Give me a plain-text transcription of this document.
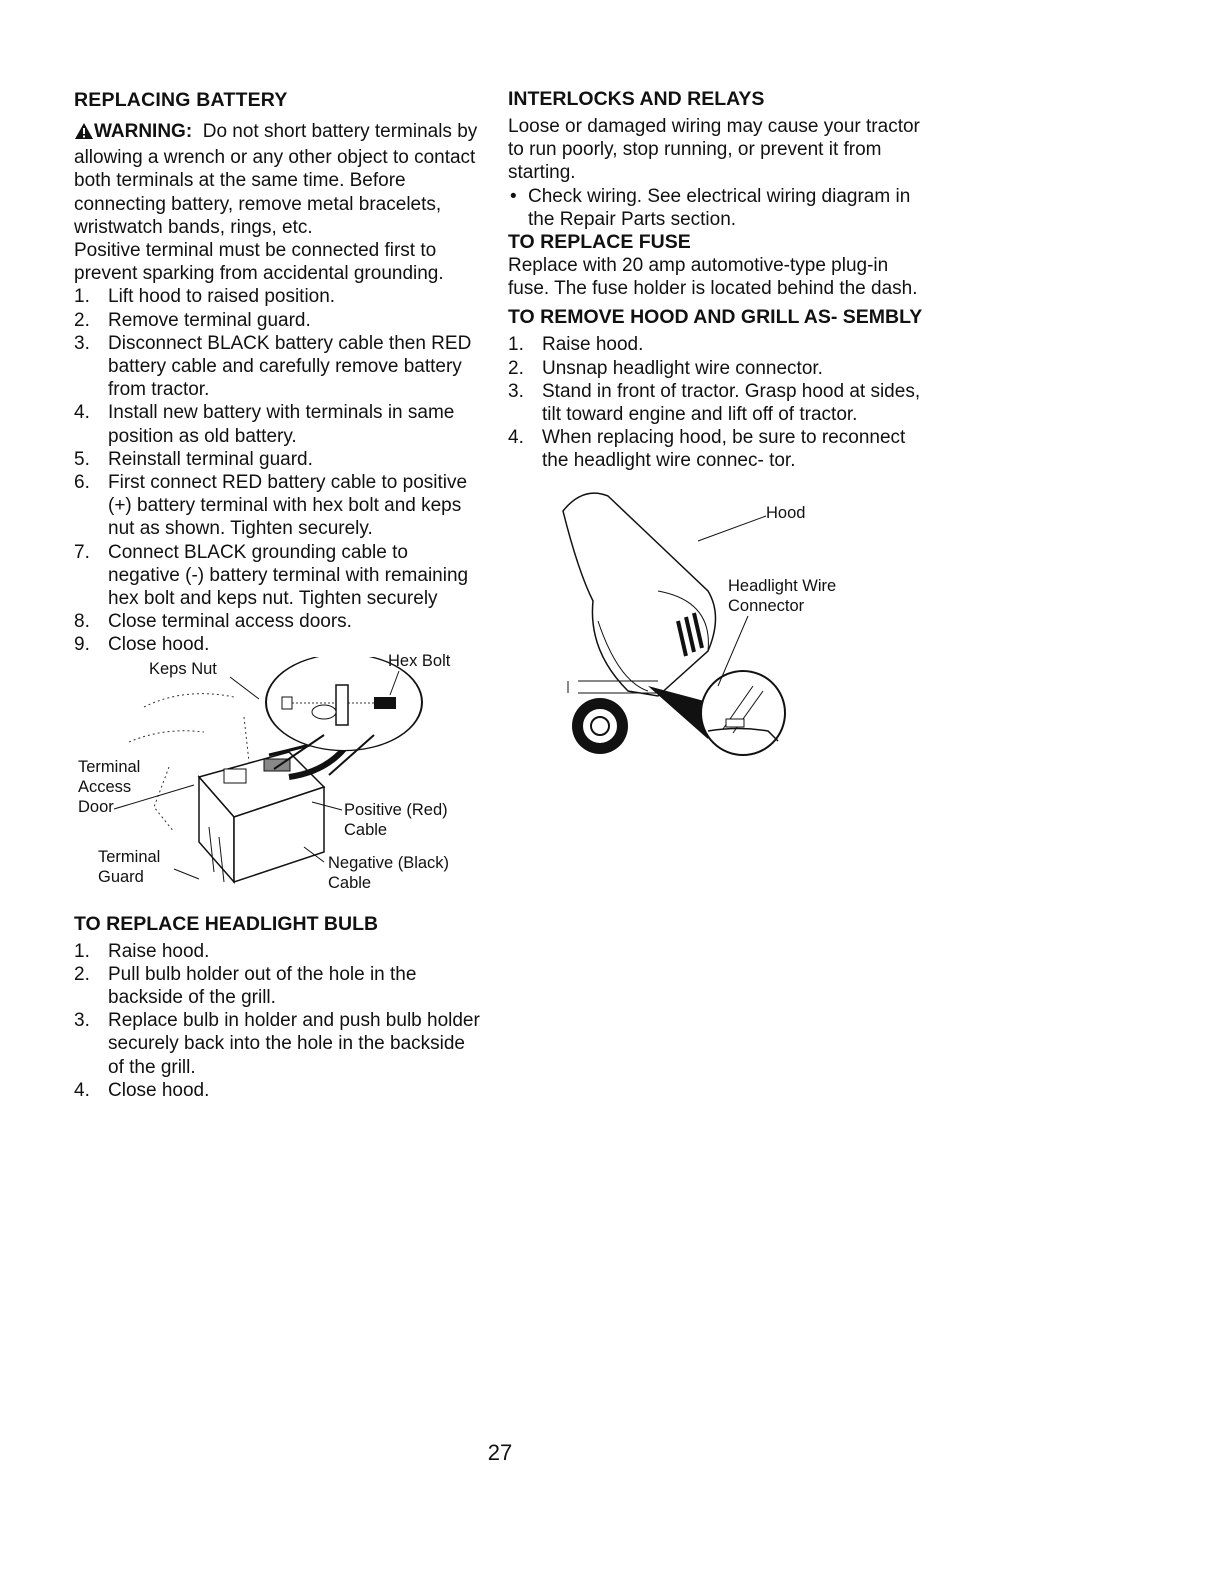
REPLACING BATTERY

WARNING: Do not short battery terminals by allowing a wrench or any other object to contact both terminals at the same time. Before connecting battery, remove metal bracelets, wristwatch bands, rings, etc.

Positive terminal must be connected first to prevent sparking from accidental grounding.

1. Lift hood to raised position.
2. Remove terminal guard.
3. Disconnect BLACK battery cable then RED battery cable and carefully remove battery from tractor.
4. Install new battery with terminals in same position as old battery.
5. Reinstall terminal guard.
6. First connect RED battery cable to positive (+) battery terminal with hex bolt and keps nut as shown. Tighten securely.
7. Connect BLACK grounding cable to negative (-) battery terminal with remaining hex bolt and keps nut. Tighten securely
8. Close terminal access doors.
9. Close hood.
Keps Nut	Hex Bolt
Terminal
Access
Door	Positive (Red)
Cable
Terminal
Guard
Negative (Black)
Cable
TO REPLACE HEADLIGHT BULB
1. Raise hood.
2. Pull bulb holder out of the hole in the backside of the grill.
3. Replace bulb in holder and push bulb holder securely back into the hole in the backside of the grill.
4. Close hood.
INTERLOCKS AND RELAYS

Loose or damaged wiring may cause your tractor to run poorly, stop running, or prevent it from starting.

• Check wiring. See electrical wiring diagram in the Repair Parts section.
TO REPLACE FUSE

Replace with 20 amp automotive-type plug-in fuse. The fuse holder is located behind the dash.

TO REMOVE HOOD AND GRILL AS- SEMBLY
1. Raise hood.
2. Unsnap headlight wire connector.
3. Stand in front of tractor. Grasp hood at sides, tilt toward engine and lift off of tractor.
4. When replacing hood, be sure to reconnect the headlight wire connec- tor.
Hood
Headlight Wire
Connector
27
